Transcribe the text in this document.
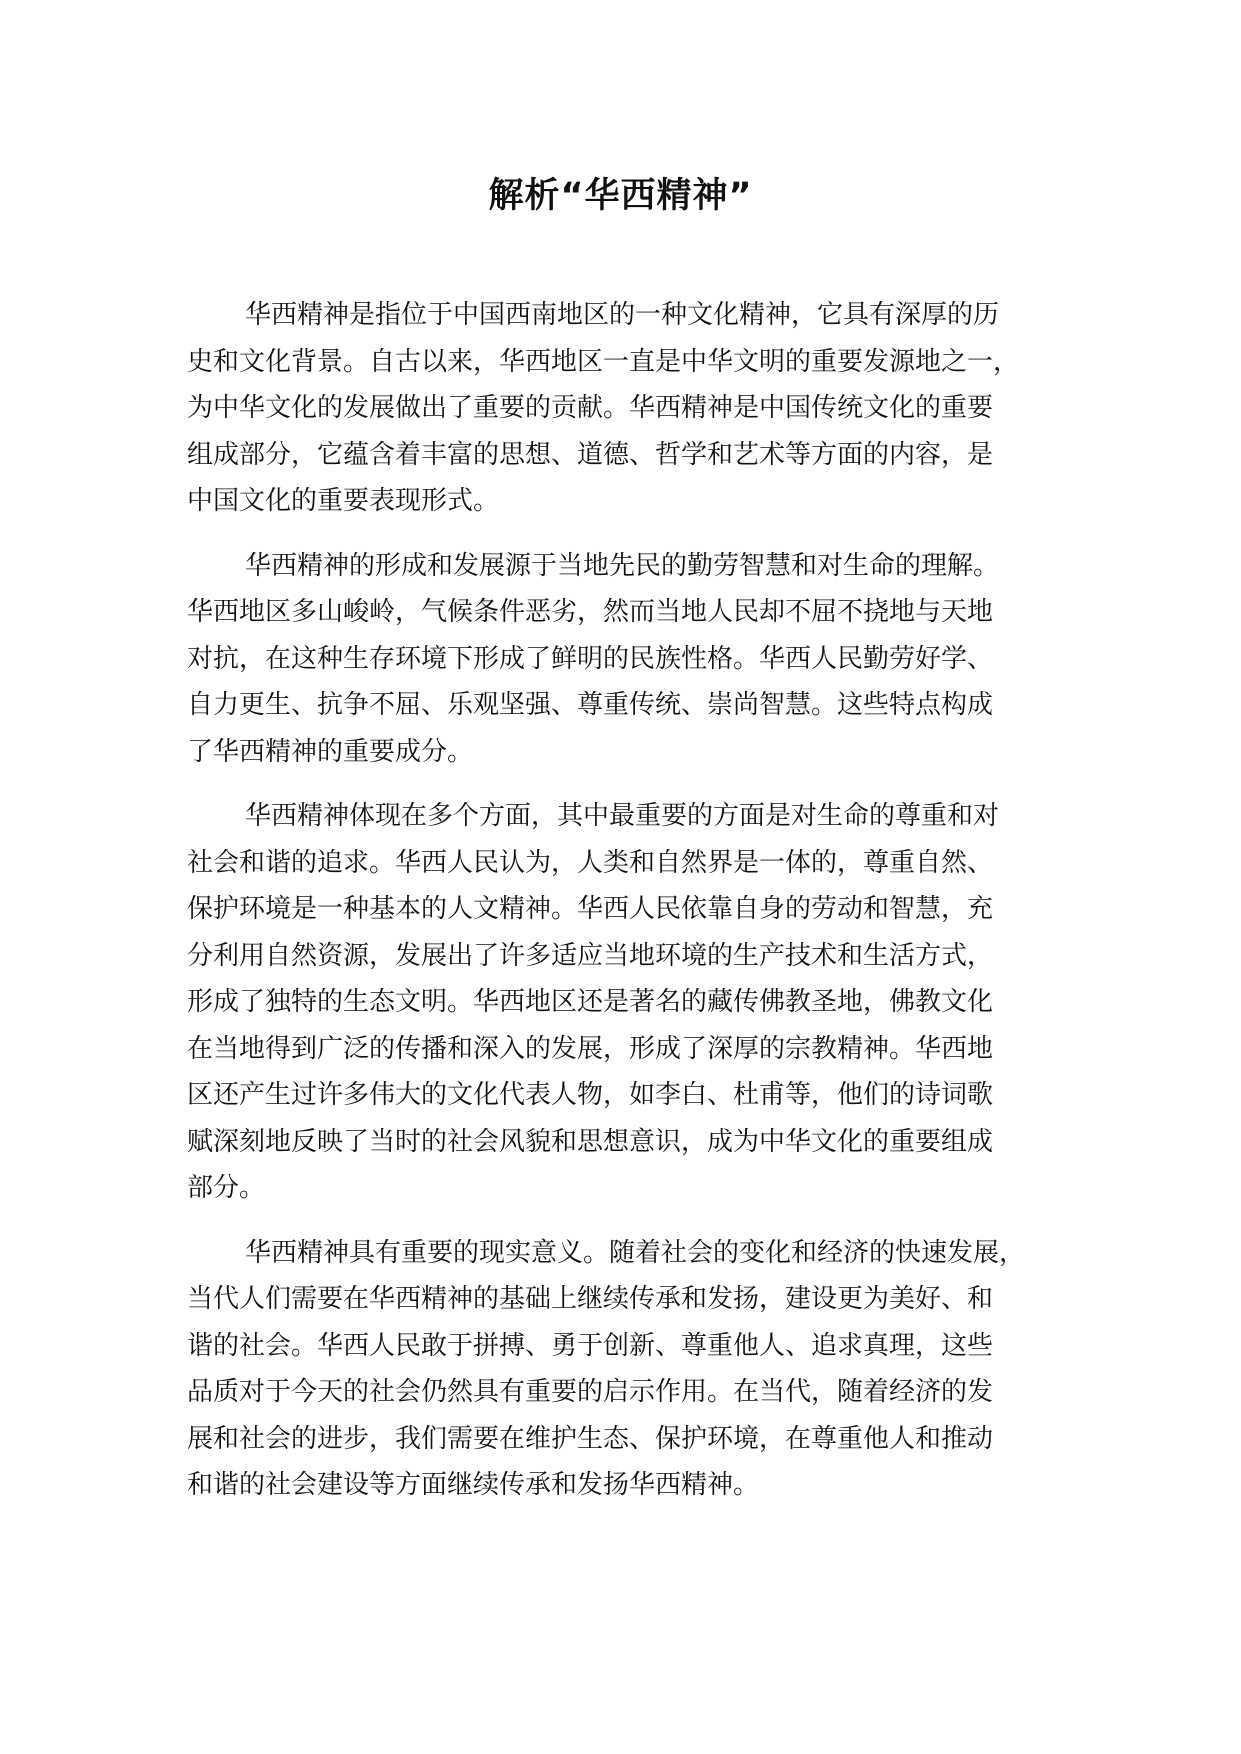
解析“华西精神”

华西精神是指位于中国西南地区的一种文化精神，它具有深厚的历
史和文化背景。自古以来，华西地区一直是中华文明的重要发源地之一，
为中华文化的发展做出了重要的贡献。华西精神是中国传统文化的重要
组成部分，它蕴含着丰富的思想、道德、哲学和艺术等方面的内容，是
中国文化的重要表现形式。

华西精神的形成和发展源于当地先民的勤劳智慧和对生命的理解。
华西地区多山峻岭，气候条件恶劣，然而当地人民却不屈不挠地与天地
对抗，在这种生存环境下形成了鲜明的民族性格。华西人民勤劳好学、
自力更生、抗争不屈、乐观坚强、尊重传统、崇尚智慧。这些特点构成
了华西精神的重要成分。

华西精神体现在多个方面，其中最重要的方面是对生命的尊重和对
社会和谐的追求。华西人民认为，人类和自然界是一体的，尊重自然、
保护环境是一种基本的人文精神。华西人民依靠自身的劳动和智慧，充
分利用自然资源，发展出了许多适应当地环境的生产技术和生活方式，
形成了独特的生态文明。华西地区还是著名的藏传佛教圣地，佛教文化
在当地得到广泛的传播和深入的发展，形成了深厚的宗教精神。华西地
区还产生过许多伟大的文化代表人物，如李白、杜甫等，他们的诗词歌
赋深刻地反映了当时的社会风貌和思想意识，成为中华文化的重要组成
部分。

华西精神具有重要的现实意义。随着社会的变化和经济的快速发展，
当代人们需要在华西精神的基础上继续传承和发扬，建设更为美好、和
谐的社会。华西人民敢于拼搏、勇于创新、尊重他人、追求真理，这些
品质对于今天的社会仍然具有重要的启示作用。在当代，随着经济的发
展和社会的进步，我们需要在维护生态、保护环境，在尊重他人和推动
和谐的社会建设等方面继续传承和发扬华西精神。
